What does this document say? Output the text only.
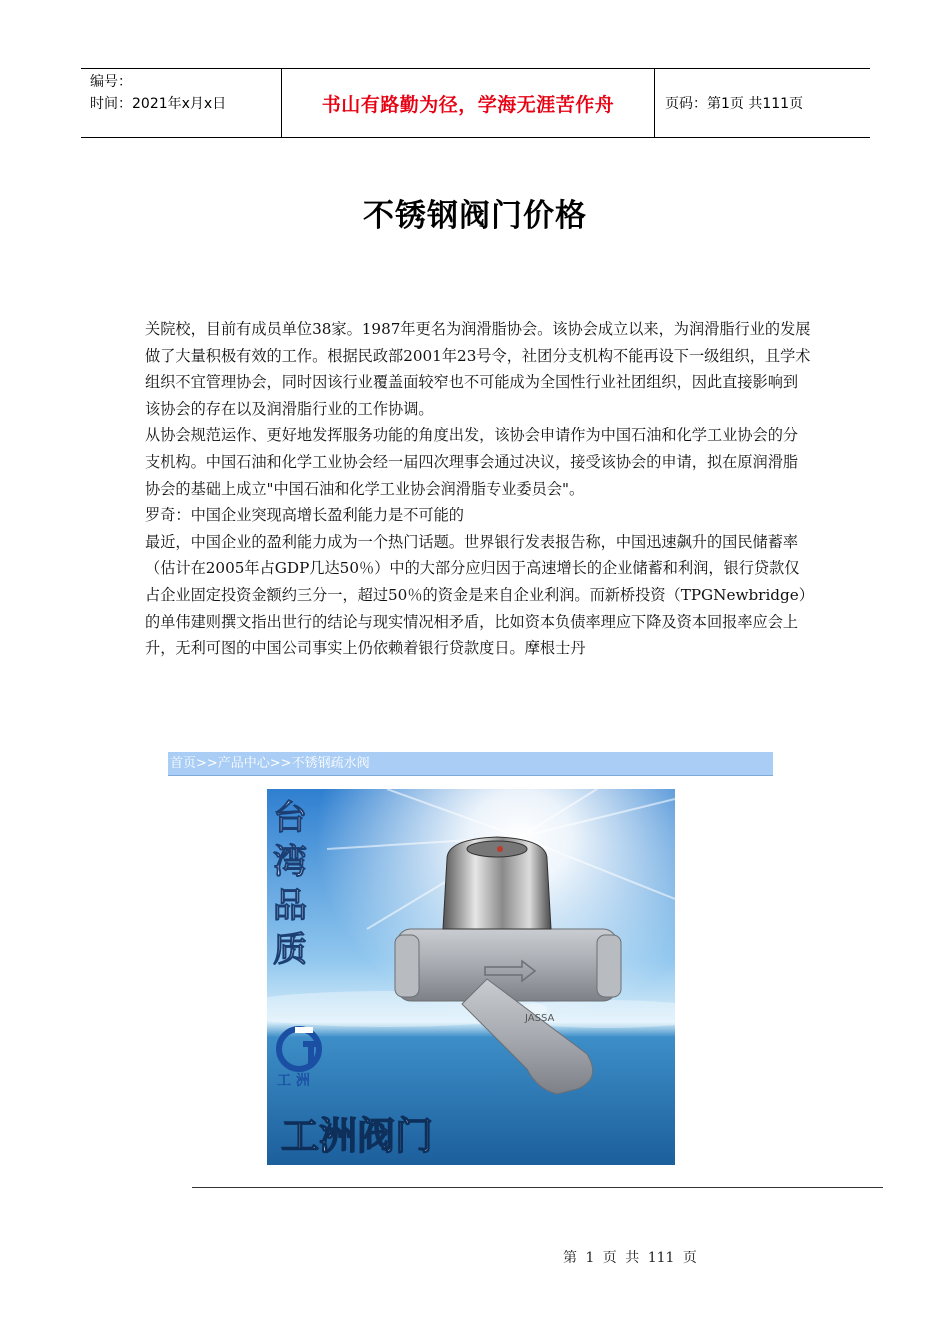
编号：
时间：2021年x月x日	书山有路勤为径，学海无涯苦作舟	页码：第1页 共111页
不锈钢阀门价格

关院校，目前有成员单位38家。1987年更名为润滑脂协会。该协会成立以来，为润滑脂行业的发展做了大量积极有效的工作。根据民政部2001年23号令，社团分支机构不能再设下一级组织，且学术组织不宜管理协会，同时因该行业覆盖面较窄也不可能成为全国性行业社团组织，因此直接影响到该协会的存在以及润滑脂行业的工作协调。

从协会规范运作、更好地发挥服务功能的角度出发，该协会申请作为中国石油和化学工业协会的分支机构。中国石油和化学工业协会经一届四次理事会通过决议，接受该协会的申请，拟在原润滑脂协会的基础上成立"中国石油和化学工业协会润滑脂专业委员会"。

罗奇：中国企业突现高增长盈利能力是不可能的

最近，中国企业的盈利能力成为一个热门话题。世界银行发表报告称，中国迅速飙升的国民储蓄率（估计在2005年占GDP几达50％）中的大部分应归因于高速增长的企业储蓄和利润，银行贷款仅占企业固定投资金额约三分一，超过50％的资金是来自企业利润。而新桥投资（TPGNewbridge）的单伟建则撰文指出世行的结论与现实情况相矛盾，比如资本负债率理应下降及资本回报率应会上升，无利可图的中国公司事实上仍依赖着银行贷款度日。摩根士丹

首页>>产品中心>>不锈钢疏水阀
JASSA
台
湾
品
质
工 洲
工洲阀门
第 1 页 共 111 页
